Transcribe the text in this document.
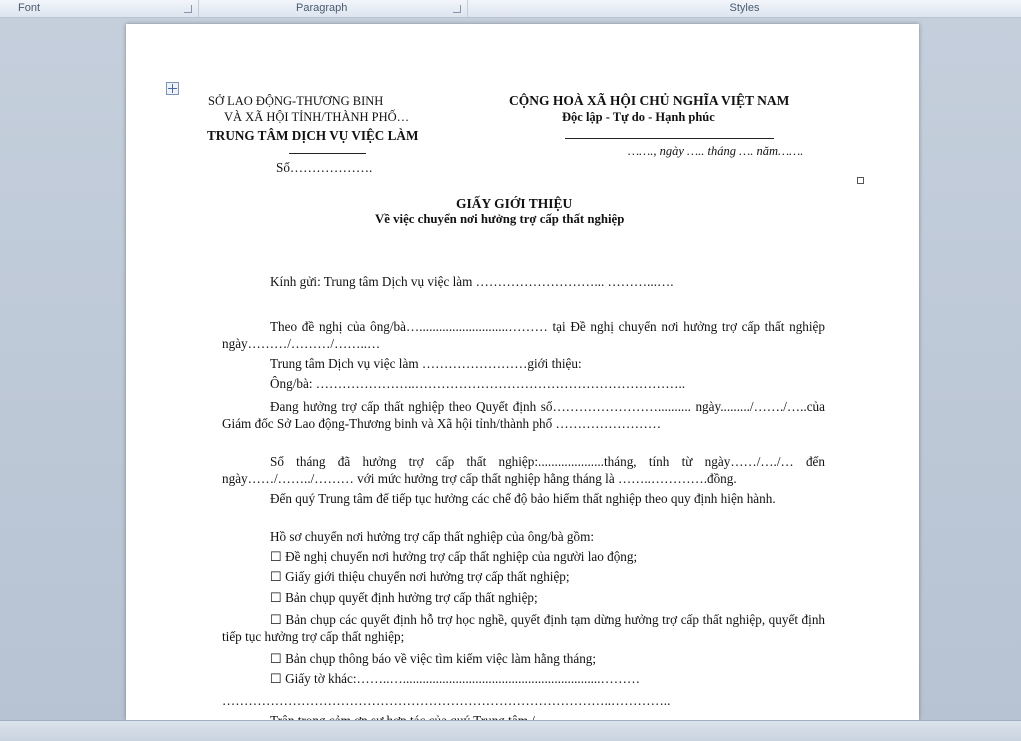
Font	Paragraph	Styles
SỞ LAO ĐỘNG-THƯƠNG BINH
VÀ XÃ HỘI TỈNH/THÀNH PHỐ…
TRUNG TÂM DỊCH VỤ VIỆC LÀM
Số……………….
CỘNG HOÀ XÃ HỘI CHỦ NGHĨA VIỆT NAM
Độc lập - Tự do - Hạnh phúc
……., ngày ….. tháng …. năm…….
GIẤY GIỚI THIỆU
Về việc chuyển nơi hưởng trợ cấp thất nghiệp
Kính gửi: Trung tâm Dịch vụ việc làm ………………………... ………...….
Theo đề nghị của ông/bà…...........................……… tại Đề nghị chuyển nơi hưởng trợ cấp thất nghiệp ngày………/………/……..…
Trung tâm Dịch vụ việc làm ……………………giới thiệu:
Ông/bà: …………………..……………………………………………………..
Đang hưởng trợ cấp thất nghiệp theo Quyết định số…………………….......... ngày........./……./…..của Giám đốc Sở Lao động-Thương binh và Xã hội tỉnh/thành phố ……………………
Số tháng đã hưởng trợ cấp thất nghiệp:....................tháng, tính từ ngày……/…./… đến ngày……/……../……… với mức hưởng trợ cấp thất nghiệp hằng tháng là ……..………….đồng.
Đến quý Trung tâm để tiếp tục hưởng các chế độ bảo hiểm thất nghiệp theo quy định hiện hành.
Hồ sơ chuyển nơi hưởng trợ cấp thất nghiệp của ông/bà gồm:
☐ Đề nghị chuyển nơi hưởng trợ cấp thất nghiệp của người lao động;
☐ Giấy giới thiệu chuyển nơi hưởng trợ cấp thất nghiệp;
☐ Bản chụp quyết định hưởng trợ cấp thất nghiệp;
☐ Bản chụp các quyết định hỗ trợ học nghề, quyết định tạm dừng hưởng trợ cấp thất nghiệp, quyết định tiếp tục hưởng trợ cấp thất nghiệp;
☐ Bản chụp thông báo về việc tìm kiếm việc làm hằng tháng;
☐ Giấy tờ khác:……..…............................................................………
……………………………………………………………………………..…………..
